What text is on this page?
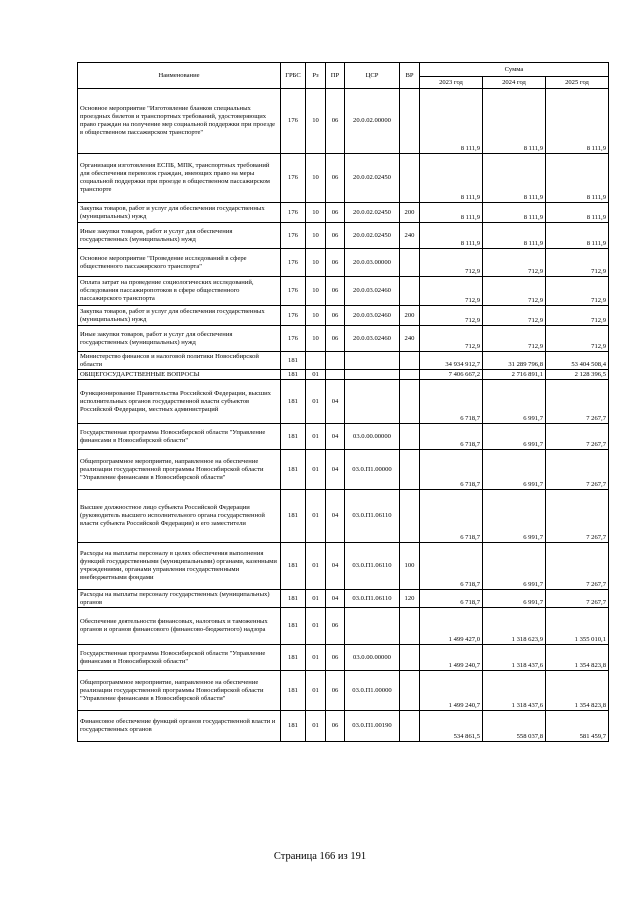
Наименование	ГРБС	Рз	ПР	ЦСР	ВР	Сумма		
						2023 год	2024 год	2025 год
Основное мероприятие "Изготовление бланков специальных проездных билетов и транспортных требований, удостоверяющих право граждан на получение мер социальной поддержки при проезде в общественном пассажирском транспорте"	176	10	06	20.0.02.00000		8 111,9	8 111,9	8 111,9
Организация изготовления ЕСПБ, МПК, транспортных требований для обеспечения перевозок граждан, имеющих право на меры социальной поддержки при проезде в общественном пассажирском транспорте	176	10	06	20.0.02.02450		8 111,9	8 111,9	8 111,9
Закупка товаров, работ и услуг для обеспечения государственных (муниципальных) нужд	176	10	06	20.0.02.02450	200	8 111,9	8 111,9	8 111,9
Иные закупки товаров, работ и услуг для обеспечения государственных (муниципальных) нужд	176	10	06	20.0.02.02450	240	8 111,9	8 111,9	8 111,9
Основное мероприятие "Проведение исследований в сфере общественного пассажирского транспорта"	176	10	06	20.0.03.00000		712,9	712,9	712,9
Оплата затрат на проведение социологических исследований, обследования пассажиропотоков в сфере общественного пассажирского транспорта	176	10	06	20.0.03.02460		712,9	712,9	712,9
Закупка товаров, работ и услуг для обеспечения государственных (муниципальных) нужд	176	10	06	20.0.03.02460	200	712,9	712,9	712,9
Иные закупки товаров, работ и услуг для обеспечения государственных (муниципальных) нужд	176	10	06	20.0.03.02460	240	712,9	712,9	712,9
Министерство финансов и налоговой политики Новосибирской области	181					34 934 912,7	31 289 796,8	53 404 508,4
ОБЩЕГОСУДАРСТВЕННЫЕ ВОПРОСЫ	181	01				7 406 667,2	2 716 891,1	2 128 396,5
Функционирование Правительства Российской Федерации, высших исполнительных органов государственной власти субъектов Российской Федерации, местных администраций	181	01	04			6 718,7	6 991,7	7 267,7
Государственная программа Новосибирской области "Управление финансами в Новосибирской области"	181	01	04	03.0.00.00000		6 718,7	6 991,7	7 267,7
Общепрограммное мероприятие, направленное на обеспечение реализации государственной программы Новосибирской области "Управление финансами в Новосибирской области"	181	01	04	03.0.П1.00000		6 718,7	6 991,7	7 267,7
Высшее должностное лицо субъекта Российской Федерации (руководитель высшего исполнительного органа государственной власти субъекта Российской Федерации) и его заместители	181	01	04	03.0.П1.06110		6 718,7	6 991,7	7 267,7
Расходы на выплаты персоналу в целях обеспечения выполнения функций государственными (муниципальными) органами, казенными учреждениями, органами управления государственными внебюджетными фондами	181	01	04	03.0.П1.06110	100	6 718,7	6 991,7	7 267,7
Расходы на выплаты персоналу государственных (муниципальных) органов	181	01	04	03.0.П1.06110	120	6 718,7	6 991,7	7 267,7
Обеспечение деятельности финансовых, налоговых и таможенных органов и органов финансового (финансово-бюджетного) надзора	181	01	06			1 499 427,0	1 318 623,9	1 355 010,1
Государственная программа Новосибирской области "Управление финансами в Новосибирской области"	181	01	06	03.0.00.00000		1 499 240,7	1 318 437,6	1 354 823,8
Общепрограммное мероприятие, направленное на обеспечение реализации государственной программы Новосибирской области "Управление финансами в Новосибирской области"	181	01	06	03.0.П1.00000		1 499 240,7	1 318 437,6	1 354 823,8
Финансовое обеспечение функций органов государственной власти и государственных органов	181	01	06	03.0.П1.00190		534 861,5	558 037,8	581 459,7
Страница 166 из 191
